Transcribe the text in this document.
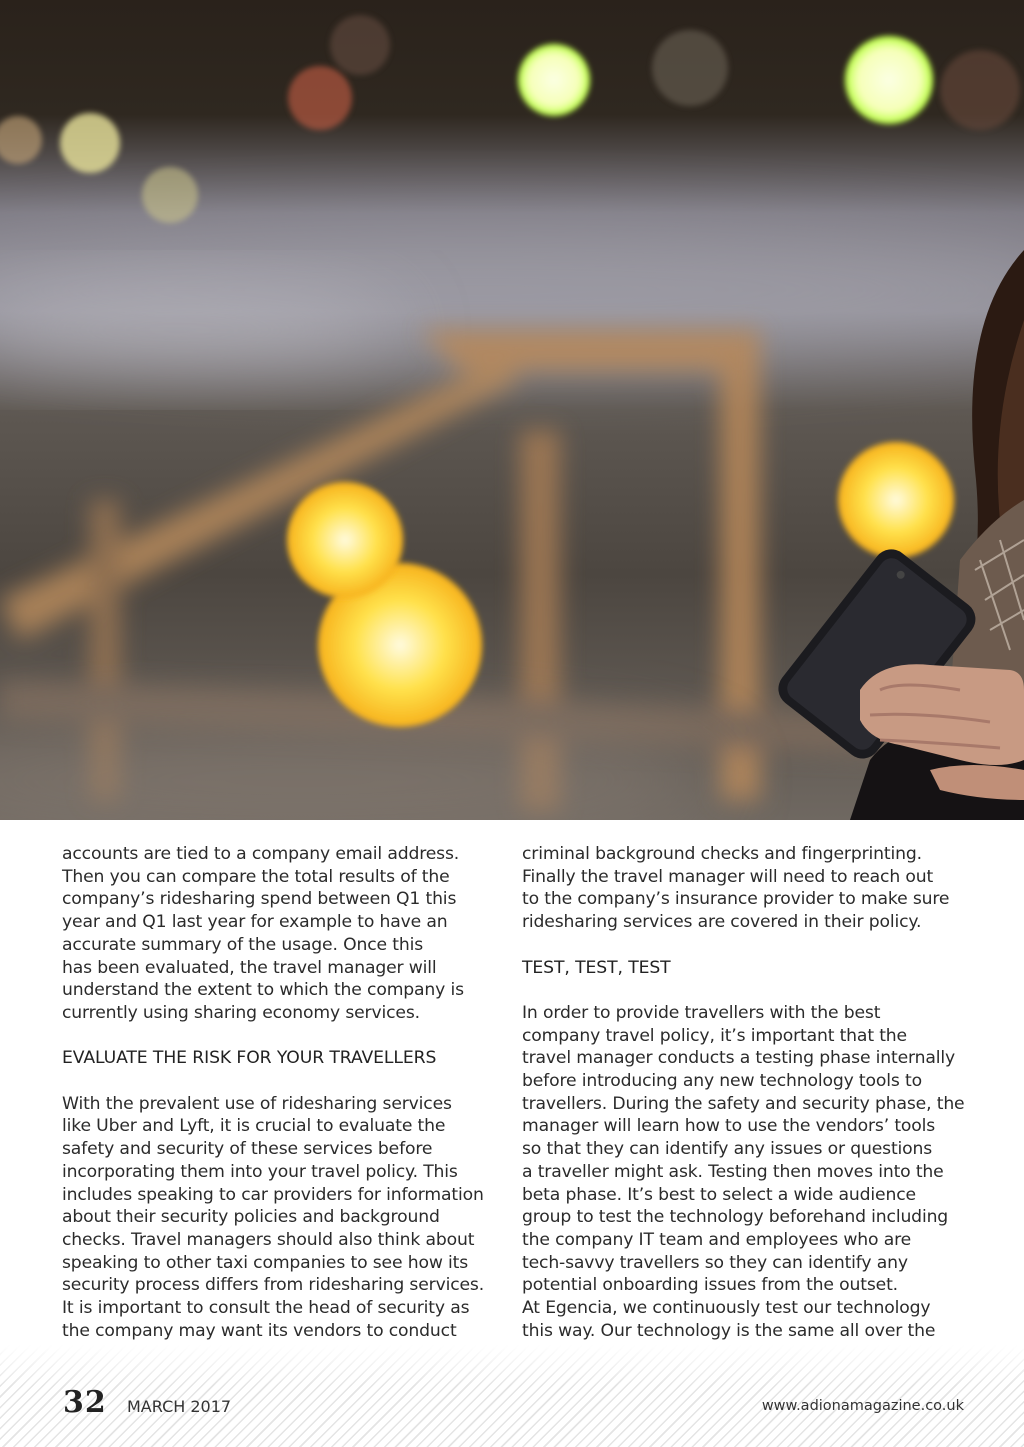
accounts are tied to a company email address.
Then you can compare the total results of the
company’s ridesharing spend between Q1 this
year and Q1 last year for example to have an
accurate summary of the usage. Once this
has been evaluated, the travel manager will
understand the extent to which the company is
currently using sharing economy services.

EVALUATE THE RISK FOR YOUR TRAVELLERS

With the prevalent use of ridesharing services
like Uber and Lyft, it is crucial to evaluate the
safety and security of these services before
incorporating them into your travel policy. This
includes speaking to car providers for information
about their security policies and background
checks. Travel managers should also think about
speaking to other taxi companies to see how its
security process differs from ridesharing services.
It is important to consult the head of security as
the company may want its vendors to conduct

criminal background checks and fingerprinting.
Finally the travel manager will need to reach out
to the company’s insurance provider to make sure
ridesharing services are covered in their policy.

TEST, TEST, TEST

In order to provide travellers with the best
company travel policy, it’s important that the
travel manager conducts a testing phase internally
before introducing any new technology tools to
travellers. During the safety and security phase, the
manager will learn how to use the vendors’ tools
so that they can identify any issues or questions
a traveller might ask. Testing then moves into the
beta phase. It’s best to select a wide audience
group to test the technology beforehand including
the company IT team and employees who are
tech-savvy travellers so they can identify any
potential onboarding issues from the outset.
At Egencia, we continuously test our technology
this way. Our technology is the same all over the

32 MARCH 2017	www.adionamagazine.co.uk
